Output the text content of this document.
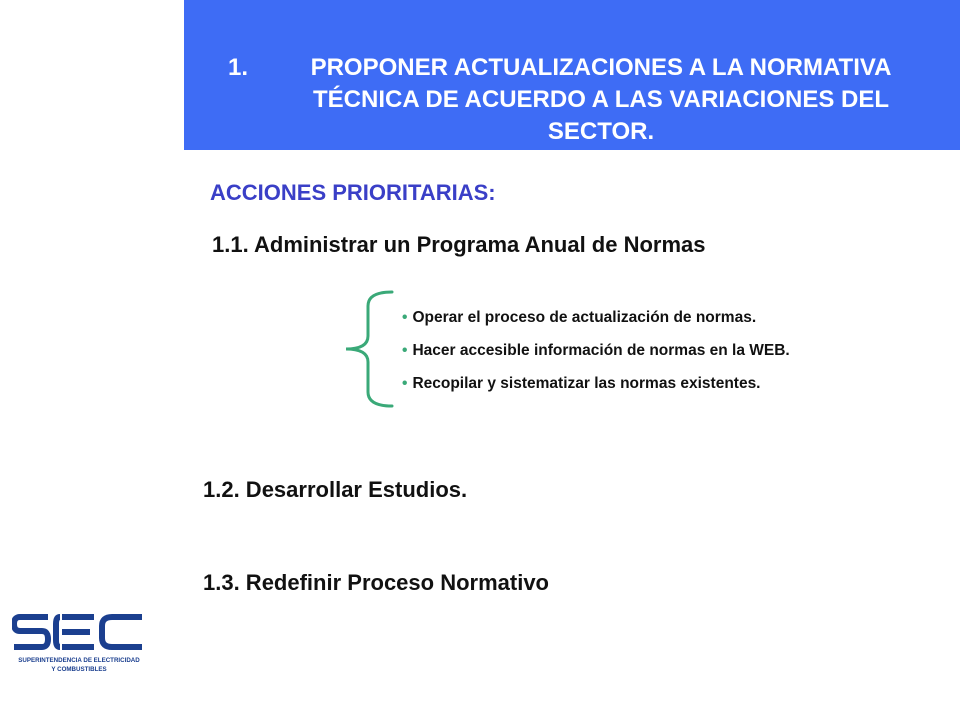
1.	PROPONER ACTUALIZACIONES A LA NORMATIVA TÉCNICA DE ACUERDO A LAS VARIACIONES DEL SECTOR.
ACCIONES PRIORITARIAS:
1.1. Administrar un Programa Anual de Normas
• Operar el proceso de actualización de normas.
• Hacer accesible información de normas en la WEB.
• Recopilar y sistematizar las normas existentes.
1.2. Desarrollar Estudios.
1.3. Redefinir Proceso Normativo
SUPERINTENDENCIA DE ELECTRICIDAD
Y COMBUSTIBLES
